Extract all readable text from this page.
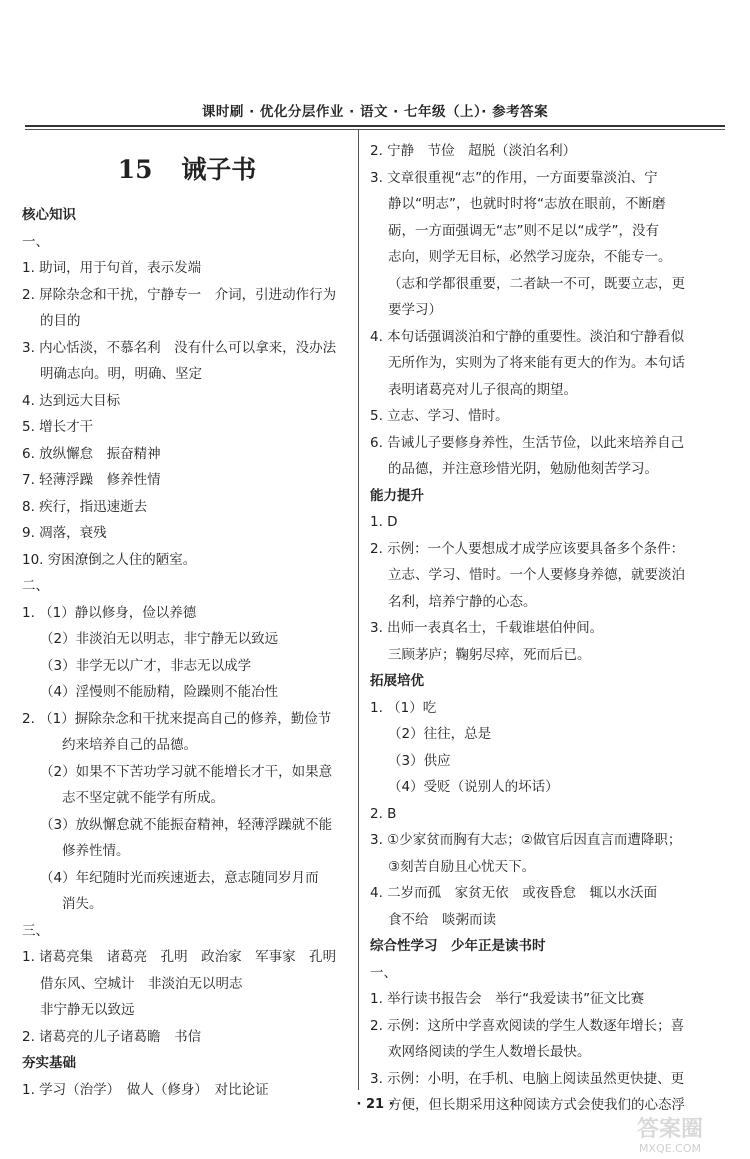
课时刷 · 优化分层作业 · 语文 · 七年级（上）· 参考答案
15 诫子书
核心知识
一、
1. 助词，用于句首，表示发端
2. 屏除杂念和干扰，宁静专一　介词，引进动作行为
的目的
3. 内心恬淡，不慕名利　没有什么可以拿来，没办法
明确志向。明，明确、坚定
4. 达到远大目标
5. 增长才干
6. 放纵懈怠　振奋精神
7. 轻薄浮躁　修养性情
8. 疾行，指迅速逝去
9. 凋落，衰残
10. 穷困潦倒之人住的陋室。
二、
1. （1）静以修身，俭以养德
（2）非淡泊无以明志，非宁静无以致远
（3）非学无以广才，非志无以成学
（4）淫慢则不能励精，险躁则不能冶性
2. （1）摒除杂念和干扰来提高自己的修养，勤俭节
约来培养自己的品德。
（2）如果不下苦功学习就不能增长才干，如果意
志不坚定就不能学有所成。
（3）放纵懈怠就不能振奋精神，轻薄浮躁就不能
修养性情。
（4）年纪随时光而疾速逝去，意志随同岁月而
消失。
三、
1. 诸葛亮集　诸葛亮　孔明　政治家　军事家　孔明
借东风、空城计　非淡泊无以明志
非宁静无以致远
2. 诸葛亮的儿子诸葛瞻　书信
夯实基础
1. 学习（治学）　做人（修身）　对比论证
2. 宁静　节俭　超脱（淡泊名利）
3. 文章很重视“志”的作用，一方面要靠淡泊、宁
静以“明志”，也就时时将“志放在眼前，不断磨
砺，一方面强调无“志”则不足以“成学”，没有
志向，则学无目标，必然学习庞杂，不能专一。
（志和学都很重要，二者缺一不可，既要立志，更
要学习）
4. 本句话强调淡泊和宁静的重要性。淡泊和宁静看似
无所作为，实则为了将来能有更大的作为。本句话
表明诸葛亮对儿子很高的期望。
5. 立志、学习、惜时。
6. 告诫儿子要修身养性，生活节俭，以此来培养自己
的品德，并注意珍惜光阴，勉励他刻苦学习。
能力提升
1. D
2. 示例：一个人要想成才成学应该要具备多个条件：
立志、学习、惜时。一个人要修身养德，就要淡泊
名利，培养宁静的心态。
3. 出师一表真名士，千载谁堪伯仲间。
三顾茅庐；鞠躬尽瘁，死而后已。
拓展培优
1. （1）吃
（2）往往，总是
（3）供应
（4）受贬（说别人的坏话）
2. B
3. ①少家贫而胸有大志；②做官后因直言而遭降职；
③刻苦自励且心忧天下。
4. 二岁而孤　家贫无依　或夜昏怠　辄以水沃面
食不给　啖粥而读
综合性学习　少年正是读书时
一、
1. 举行读书报告会　举行“我爱读书”征文比赛
2. 示例：这所中学喜欢阅读的学生人数逐年增长；喜
欢网络阅读的学生人数增长最快。
3. 示例：小明，在手机、电脑上阅读虽然更快捷、更
方便，但长期采用这种阅读方式会使我们的心态浮
· 21 ·
答案圈
MXQE.COM
